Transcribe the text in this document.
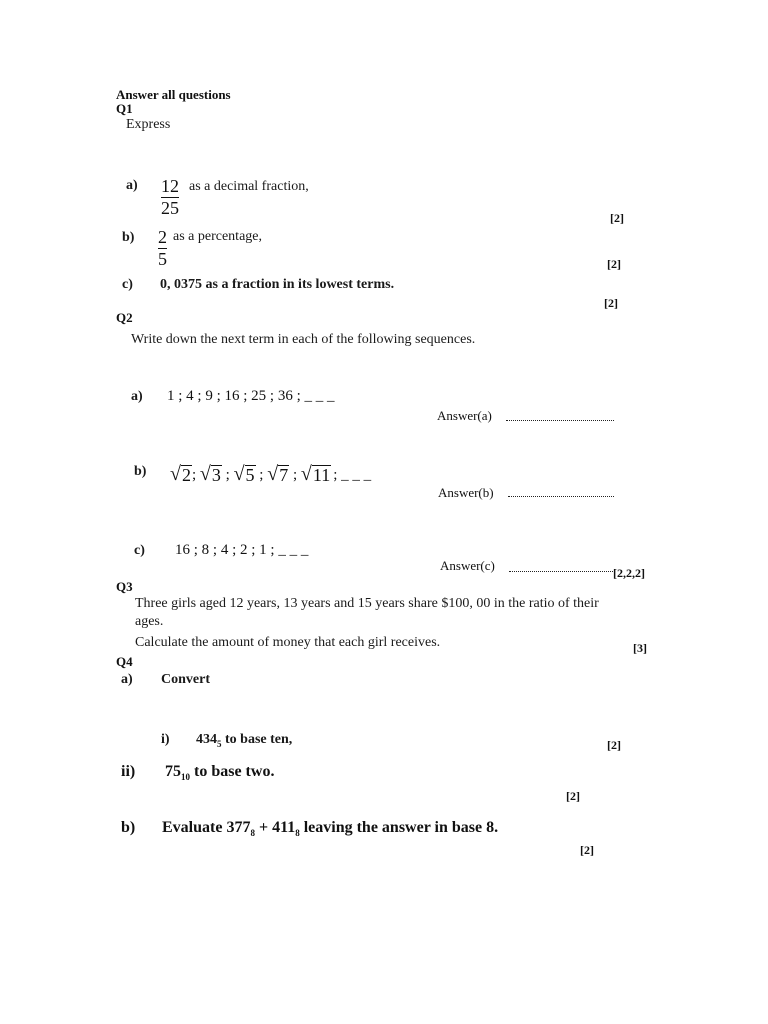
Answer all questions
Q1
Express
a) 12
25
as a decimal fraction,
[2]
b) 2
5
as a percentage,
[2]
c) 0, 0375 as a fraction in its lowest terms.
[2]
Q2
Write down the next term in each of the following sequences.
a) 1 ; 4 ; 9 ; 16 ; 25 ; 36 ; _ _ _
Answer(a)
b) √ 2 ; √ 3 ; √ 5 ; √ 7 ; √ 11 ; _ _ _
Answer(b)
c) 16 ; 8 ; 4 ; 2 ; 1 ; _ _ _
Answer(c)	[2,2,2]
Q3
Three girls aged 12 years, 13 years and 15 years share $100, 00 in the ratio of their
ages.
Calculate the amount of money that each girl receives.	[3]
Q4
a) Convert
i) $434_5$ to base ten,	[2]
ii) $75_{10}$ to base two.
[2]
b) Evaluate $377_8 + 411_8$ leaving the answer in base 8.
[2]
